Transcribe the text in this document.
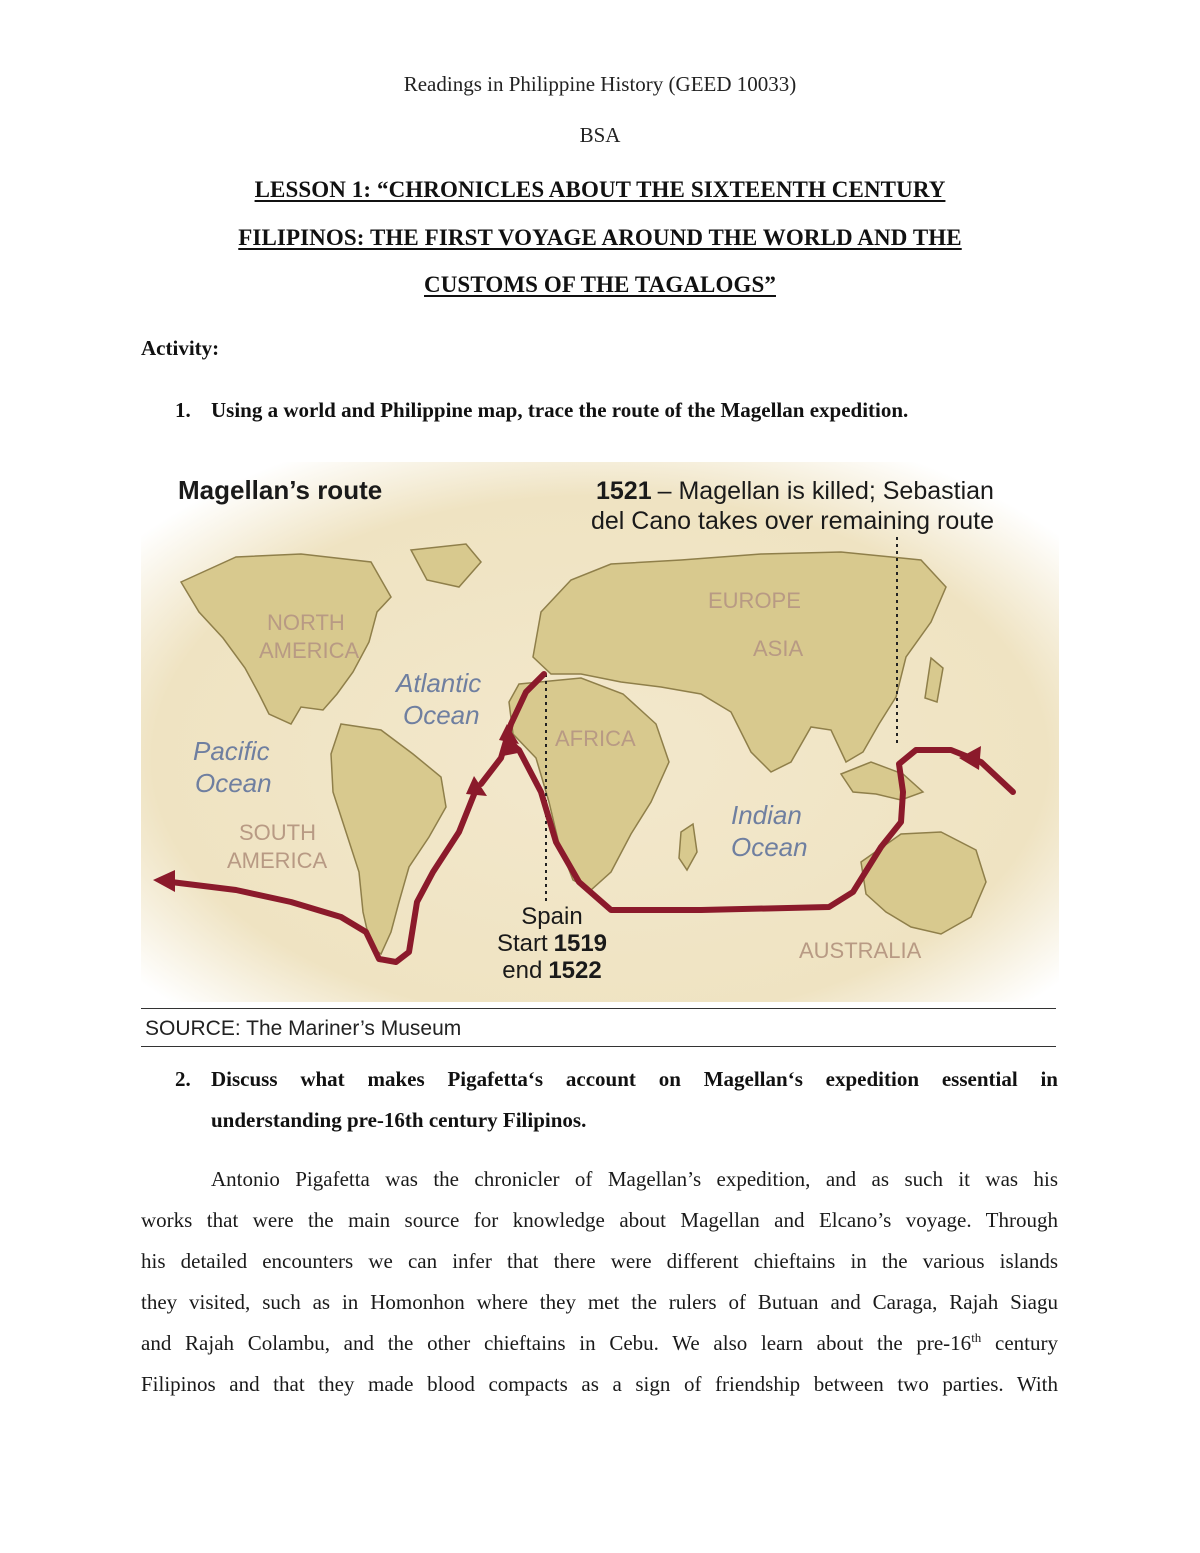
Readings in Philippine History (GEED 10033)
BSA
LESSON 1: “CHRONICLES ABOUT THE SIXTEENTH CENTURY
FILIPINOS: THE FIRST VOYAGE AROUND THE WORLD AND THE
CUSTOMS OF THE TAGALOGS”
Activity:
1. Using a world and Philippine map, trace the route of the Magellan expedition.
Magellan’s route	1521 – Magellan is killed; Sebastian
del Cano takes over remaining route
NORTH
AMERICA
SOUTH
AMERICA
EUROPE
ASIA
AFRICA
AUSTRALIA
Atlantic
Ocean
Pacific
Ocean
Indian
Ocean
Spain
Start 1519
end 1522
SOURCE: The Mariner’s Museum
2. Discuss what makes Pigafetta‘s account on Magellan‘s expedition essential in
understanding pre-16th century Filipinos.
Antonio Pigafetta was the chronicler of Magellan’s expedition, and as such it was his
works that were the main source for knowledge about Magellan and Elcano’s voyage. Through
his detailed encounters we can infer that there were different chieftains in the various islands
they visited, such as in Homonhon where they met the rulers of Butuan and Caraga, Rajah Siagu
and Rajah Colambu, and the other chieftains in Cebu. We also learn about the pre-16th century
Filipinos and that they made blood compacts as a sign of friendship between two parties. With
